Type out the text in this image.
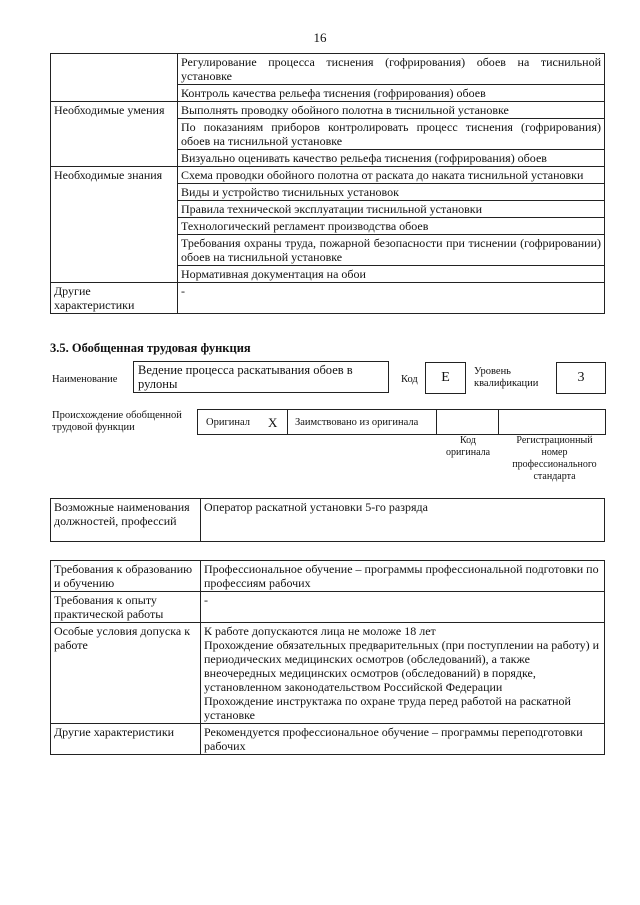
16
	Регулирование процесса тиснения (гофрирования) обоев на тиснильной установке
	Контроль качества рельефа тиснения (гофрирования) обоев
Необходимые умения	Выполнять проводку обойного полотна в тиснильной установке
	По показаниям приборов контролировать процесс тиснения (гофрирования) обоев на тиснильной установке
	Визуально оценивать качество рельефа тиснения (гофрирования) обоев
Необходимые знания	Схема проводки обойного полотна от раската до наката тиснильной установки
	Виды и устройство тиснильных установок
	Правила технической эксплуатации тиснильной установки
	Технологический регламент производства обоев
	Требования охраны труда, пожарной безопасности при тиснении (гофрировании) обоев на тиснильной установке
	Нормативная документация на обои
Другие характеристики	-
3.5. Обобщенная трудовая функция
Наименование
Ведение процесса раскатывания обоев в рулоны	Код	E	Уровень квалификации	3
Происхождение обобщенной трудовой функции	Оригинал X Заимствовано из оригинала
Код оригинала
Регистрационный номер профессионального стандарта
Возможные наименования должностей, профессий	Оператор раскатной установки 5-го разряда
Требования к образованию и обучению	Профессиональное обучение – программы профессиональной подготовки по профессиям рабочих
Требования к опыту практической работы	-
Особые условия допуска к работе	К работе допускаются лица не моложе 18 лет
Прохождение обязательных предварительных (при поступлении на работу) и периодических медицинских осмотров (обследований), а также внеочередных медицинских осмотров (обследований) в порядке, установленном законодательством Российской Федерации
Прохождение инструктажа по охране труда перед работой на раскатной установке

Другие характеристики	Рекомендуется профессиональное обучение – программы переподготовки рабочих
